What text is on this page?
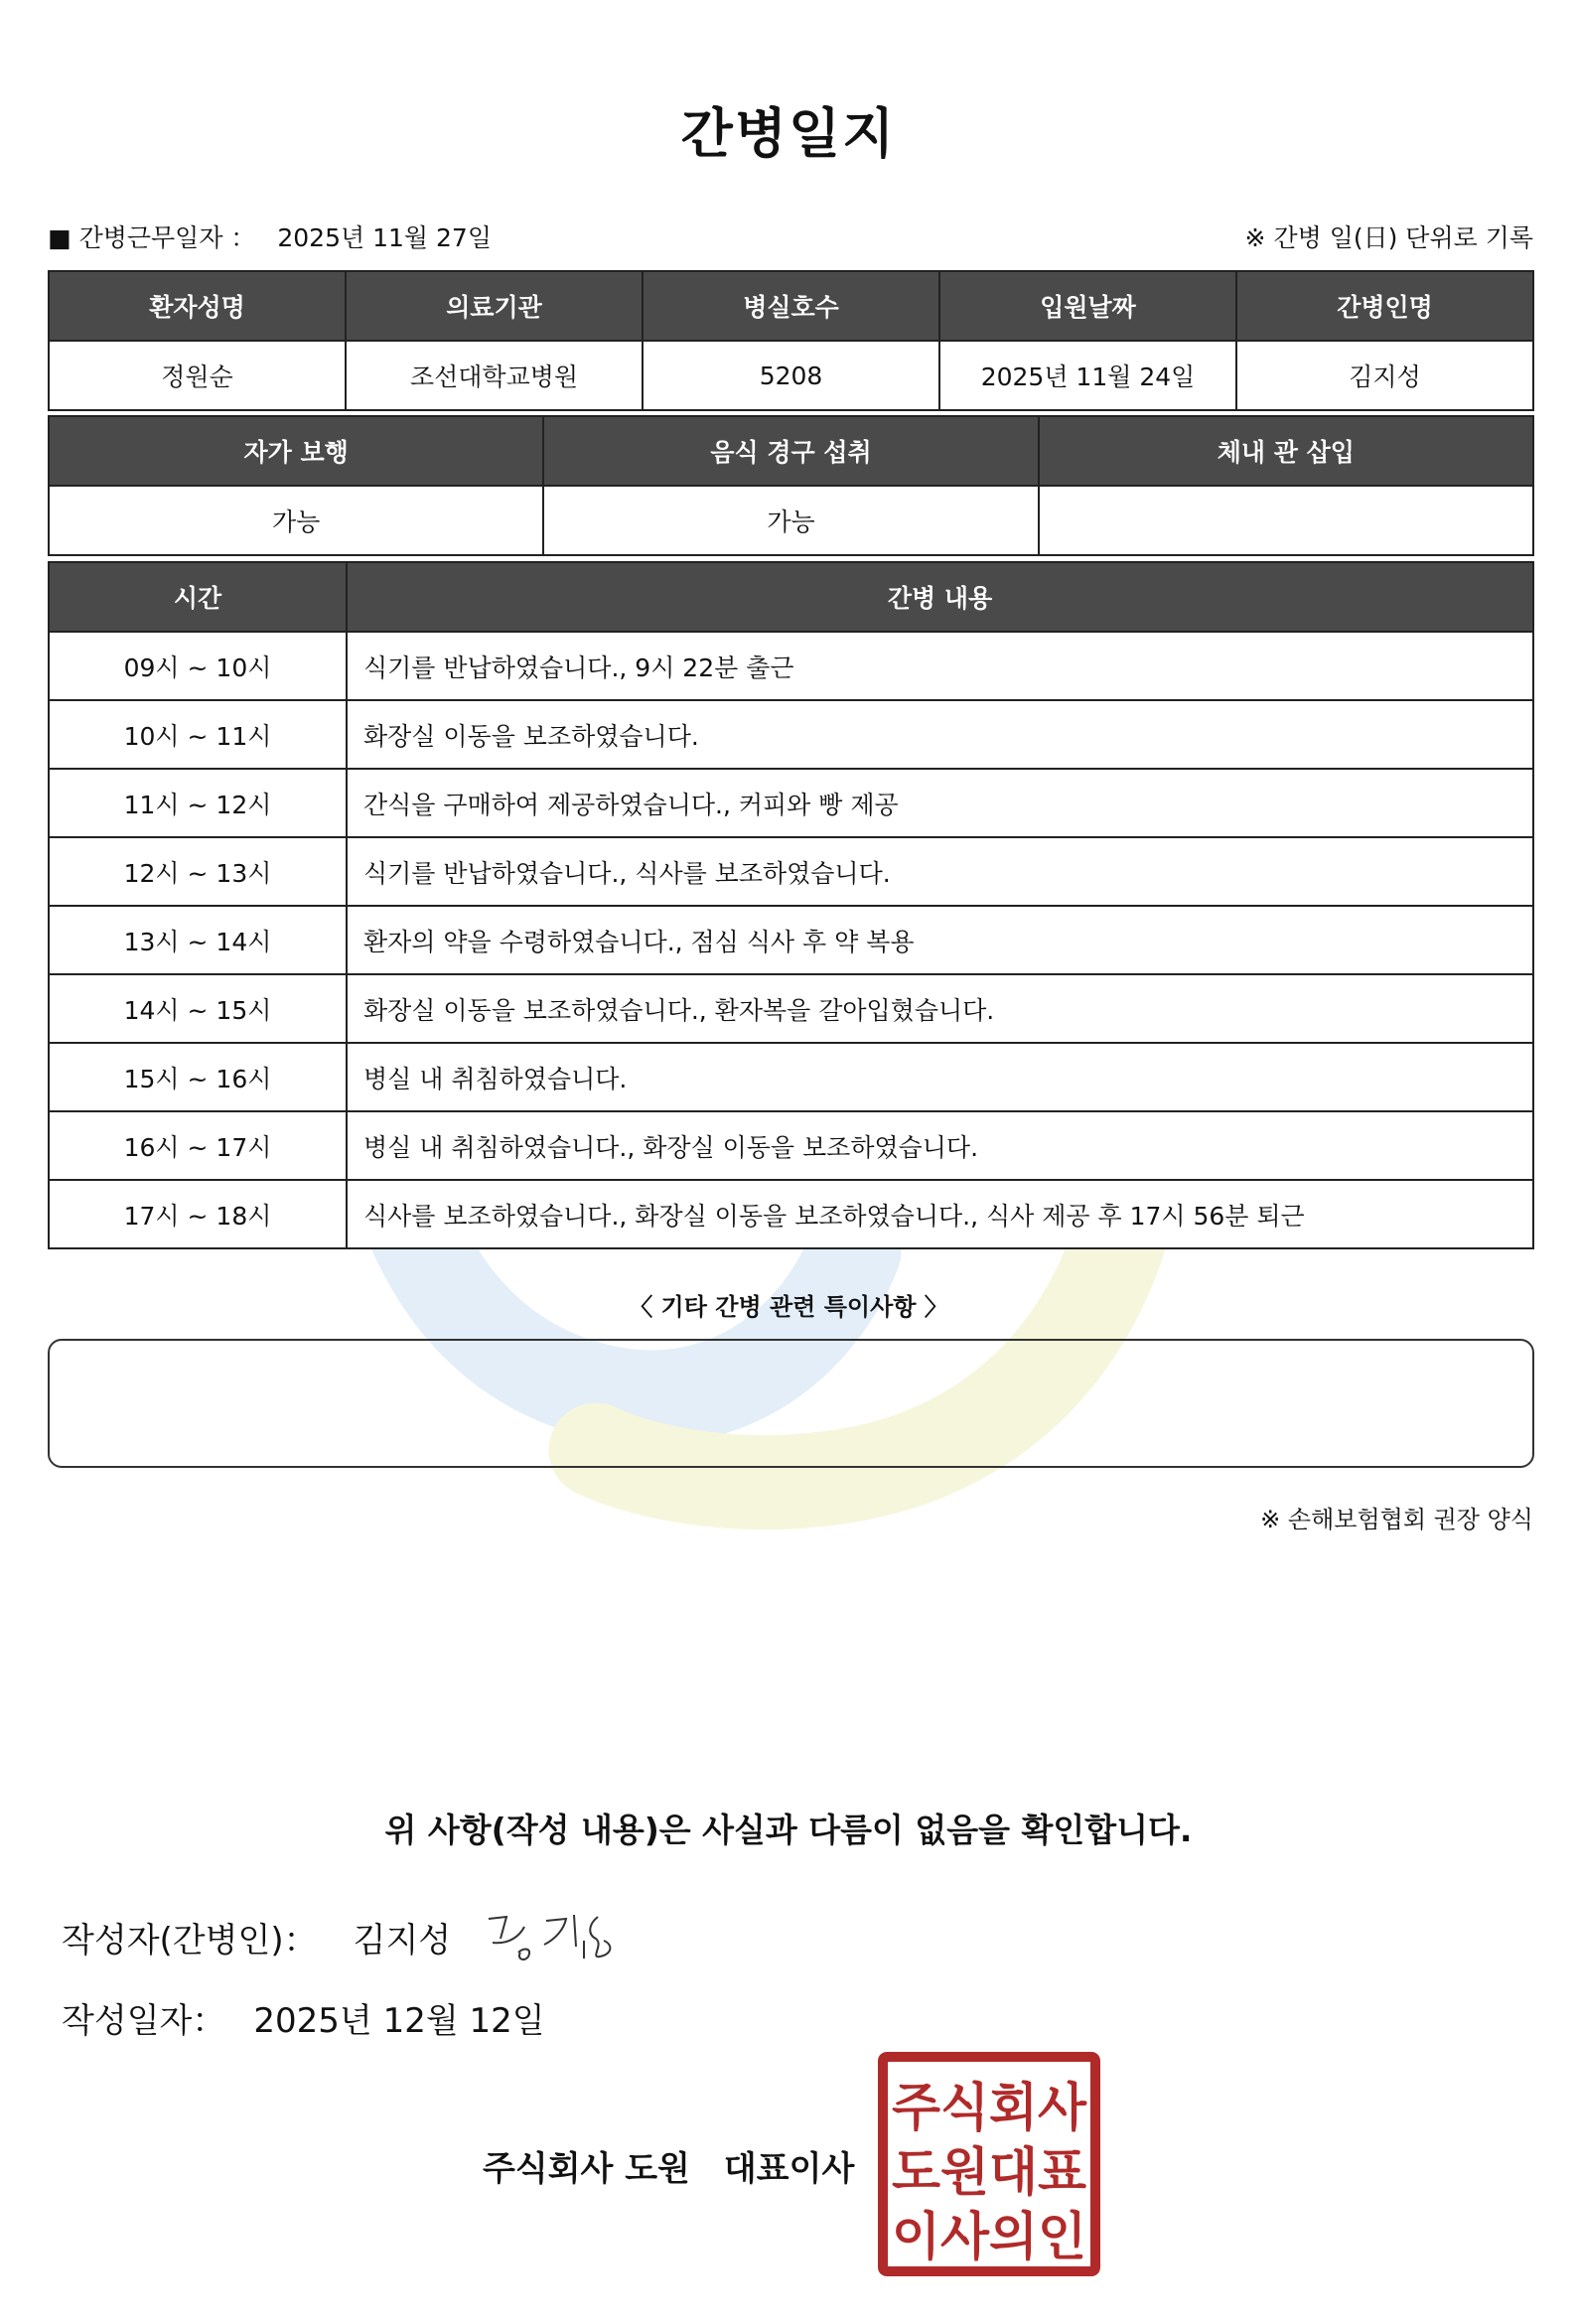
간병일지
■ 간병근무일자 ： 2025년 11월 27일	※ 간병 일(日) 단위로 기록
환자성명	의료기관	병실호수	입원날짜	간병인명
정원순	조선대학교병원	5208	2025년 11월 24일	김지성
자가 보행	음식 경구 섭취	체내 관 삽입
가능	가능	
시간	간병 내용
09시 ~ 10시	식기를 반납하였습니다., 9시 22분 출근
10시 ~ 11시	화장실 이동을 보조하였습니다.
11시 ~ 12시	간식을 구매하여 제공하였습니다., 커피와 빵 제공
12시 ~ 13시	식기를 반납하였습니다., 식사를 보조하였습니다.
13시 ~ 14시	환자의 약을 수령하였습니다., 점심 식사 후 약 복용
14시 ~ 15시	화장실 이동을 보조하였습니다., 환자복을 갈아입혔습니다.
15시 ~ 16시	병실 내 취침하였습니다.
16시 ~ 17시	병실 내 취침하였습니다., 화장실 이동을 보조하였습니다.
17시 ~ 18시	식사를 보조하였습니다., 화장실 이동을 보조하였습니다., 식사 제공 후 17시 56분 퇴근
〈 기타 간병 관련 특이사항 〉
※ 손해보험협회 권장 양식
위 사항(작성 내용)은 사실과 다름이 없음을 확인합니다.
작성자(간병인)： 김지성
작성일자： 2025년 12월 12일
주식회사 도원 대표이사
주식회사
도원대표
이사의인
